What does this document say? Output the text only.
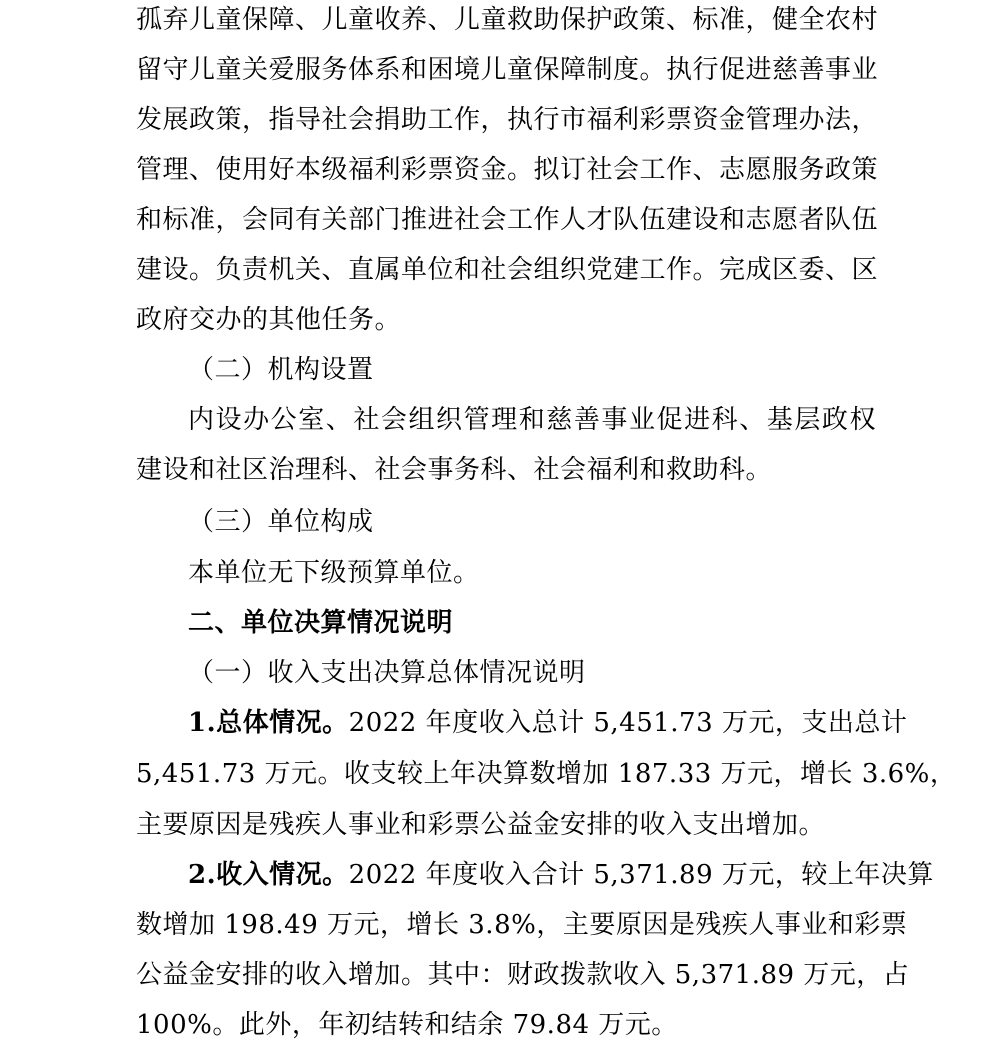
孤弃儿童保障、儿童收养、儿童救助保护政策、标准，健全农村
留守儿童关爱服务体系和困境儿童保障制度。执行促进慈善事业
发展政策，指导社会捐助工作，执行市福利彩票资金管理办法，
管理、使用好本级福利彩票资金。拟订社会工作、志愿服务政策
和标准，会同有关部门推进社会工作人才队伍建设和志愿者队伍
建设。负责机关、直属单位和社会组织党建工作。完成区委、区
政府交办的其他任务。
（二）机构设置
内设办公室、社会组织管理和慈善事业促进科、基层政权
建设和社区治理科、社会事务科、社会福利和救助科。
（三）单位构成
本单位无下级预算单位。
二、单位决算情况说明
（一）收入支出决算总体情况说明
1.总体情况。2022 年度收入总计 5,451.73 万元，支出总计
5,451.73 万元。收支较上年决算数增加 187.33 万元，增长 3.6%，
主要原因是残疾人事业和彩票公益金安排的收入支出增加。
2.收入情况。2022 年度收入合计 5,371.89 万元，较上年决算
数增加 198.49 万元，增长 3.8%，主要原因是残疾人事业和彩票
公益金安排的收入增加。其中：财政拨款收入 5,371.89 万元，占
100%。此外，年初结转和结余 79.84 万元。
